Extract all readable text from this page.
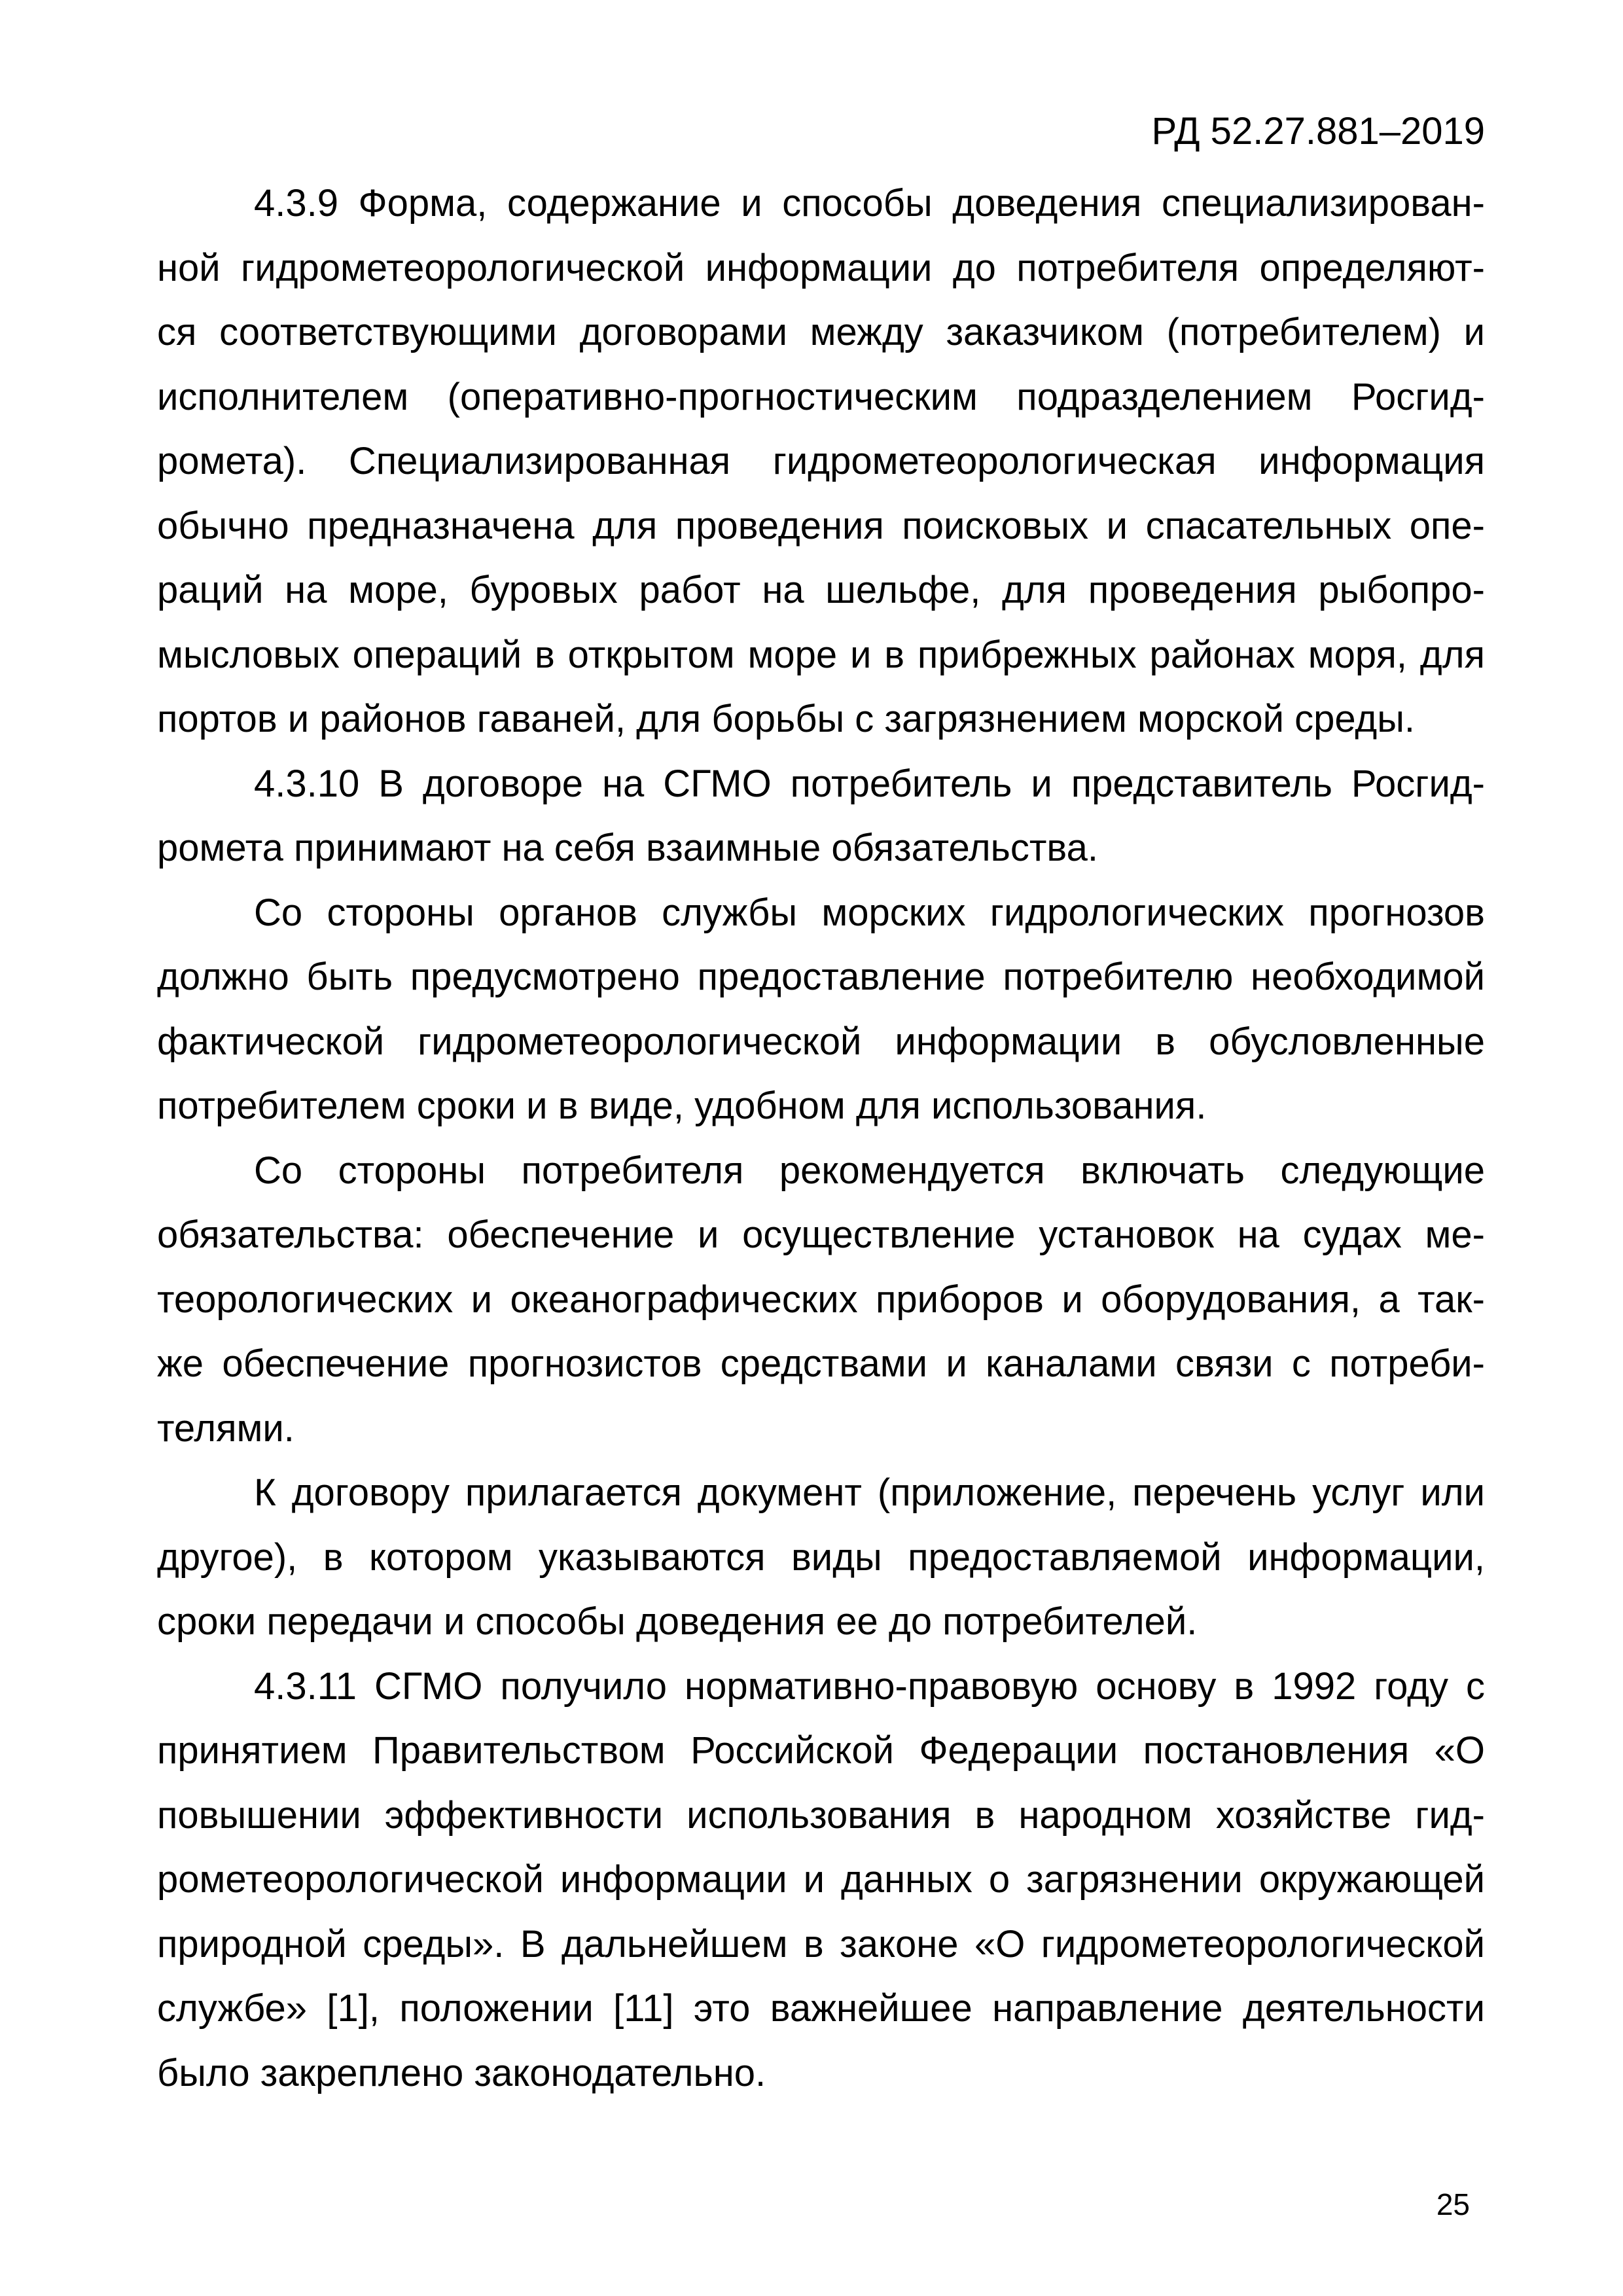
РД 52.27.881–2019
4.3.9 Форма, содержание и способы доведения специализирован-
ной гидрометеорологической информации до потребителя определяют-
ся соответствующими договорами между заказчиком (потребителем) и
исполнителем (оперативно-прогностическим подразделением Росгид-
ромета). Специализированная гидрометеорологическая информация
обычно предназначена для проведения поисковых и спасательных опе-
раций на море, буровых работ на шельфе, для проведения рыбопро-
мысловых операций в открытом море и в прибрежных районах моря, для
портов и районов гаваней, для борьбы с загрязнением морской среды.
4.3.10 В договоре на СГМО потребитель и представитель Росгид-
ромета принимают на себя взаимные обязательства.
Со стороны органов службы морских гидрологических прогнозов
должно быть предусмотрено предоставление потребителю необходимой
фактической гидрометеорологической информации в обусловленные
потребителем сроки и в виде, удобном для использования.
Со стороны потребителя рекомендуется включать следующие
обязательства: обеспечение и осуществление установок на судах ме-
теорологических и океанографических приборов и оборудования, а так-
же обеспечение прогнозистов средствами и каналами связи с потреби-
телями.
К договору прилагается документ (приложение, перечень услуг или
другое), в котором указываются виды предоставляемой информации,
сроки передачи и способы доведения ее до потребителей.
4.3.11 СГМО получило нормативно-правовую основу в 1992 году с
принятием Правительством Российской Федерации постановления «О
повышении эффективности использования в народном хозяйстве гид-
рометеорологической информации и данных о загрязнении окружающей
природной среды». В дальнейшем в законе «О гидрометеорологической
службе» [1], положении [11] это важнейшее направление деятельности
было закреплено законодательно.
25
